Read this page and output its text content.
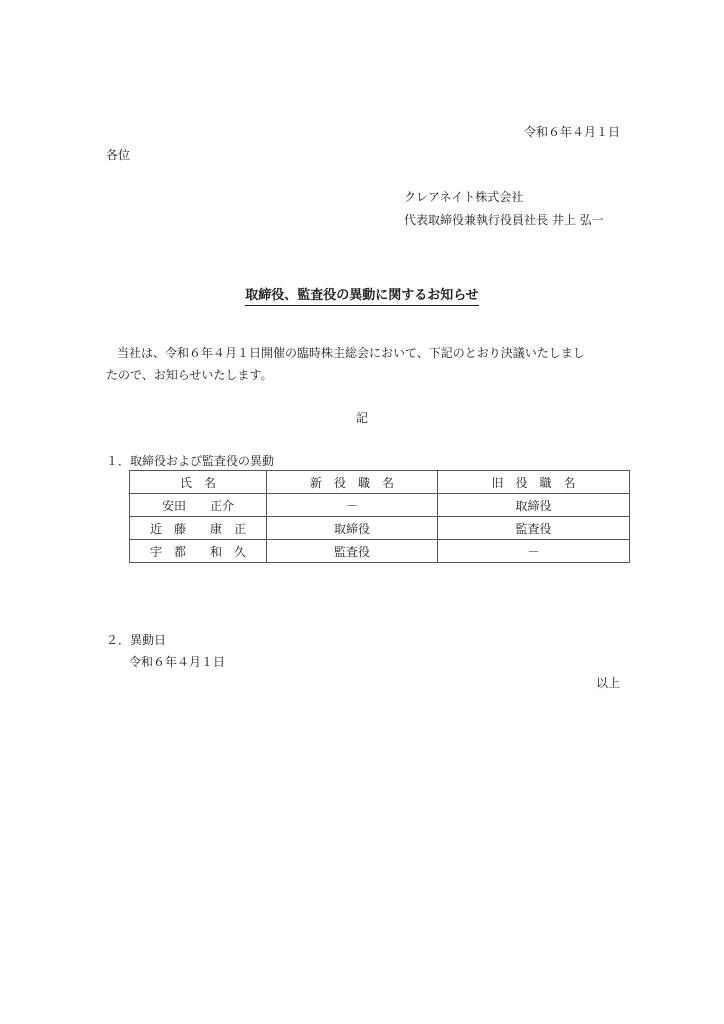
令和６年４月１日
各位
クレアネイト株式会社
代表取締役兼執行役員社長 井上 弘一
取締役、監査役の異動に関するお知らせ
当社は、令和６年４月１日開催の臨時株主総会において、下記のとおり決議いたしまし
たので、お知らせいたします。
記
１．取締役および監査役の異動
氏　名	新　役　職　名	旧　役　職　名
安田　　正介	－	取締役
近　藤　　康　正	取締役	監査役
宇　都　　和　久	監査役	－
２．異動日
令和６年４月１日
以上
